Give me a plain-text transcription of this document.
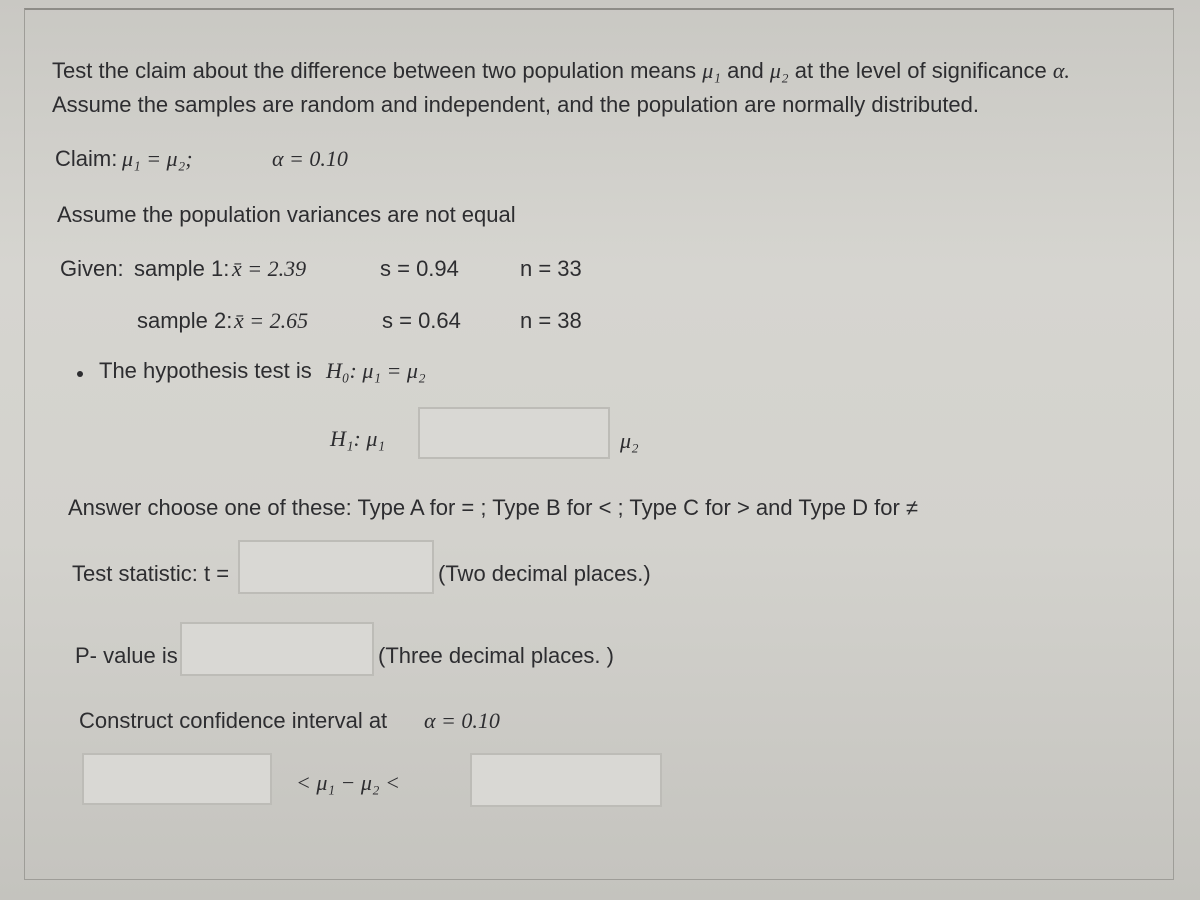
Test the claim about the difference between two population means μ₁ and μ₂ at the level of significance α.
Assume the samples are random and independent, and the population are normally distributed.
Claim: μ₁ = μ₂;	α = 0.10
Assume the population variances are not equal
Given: sample 1: x̄ = 2.39	s = 0.94	n = 33
sample 2: x̄ = 2.65	s = 0.64	n = 38
The hypothesis test is H₀: μ₁ = μ₂
H₁: μ₁	μ₂
Answer choose one of these: Type A for = ; Type B for < ; Type C for > and Type D for ≠
Test statistic: t =	(Two decimal places.)
P- value is	(Three decimal places. )
Construct confidence interval at α = 0.10
< μ₁ − μ₂ <
